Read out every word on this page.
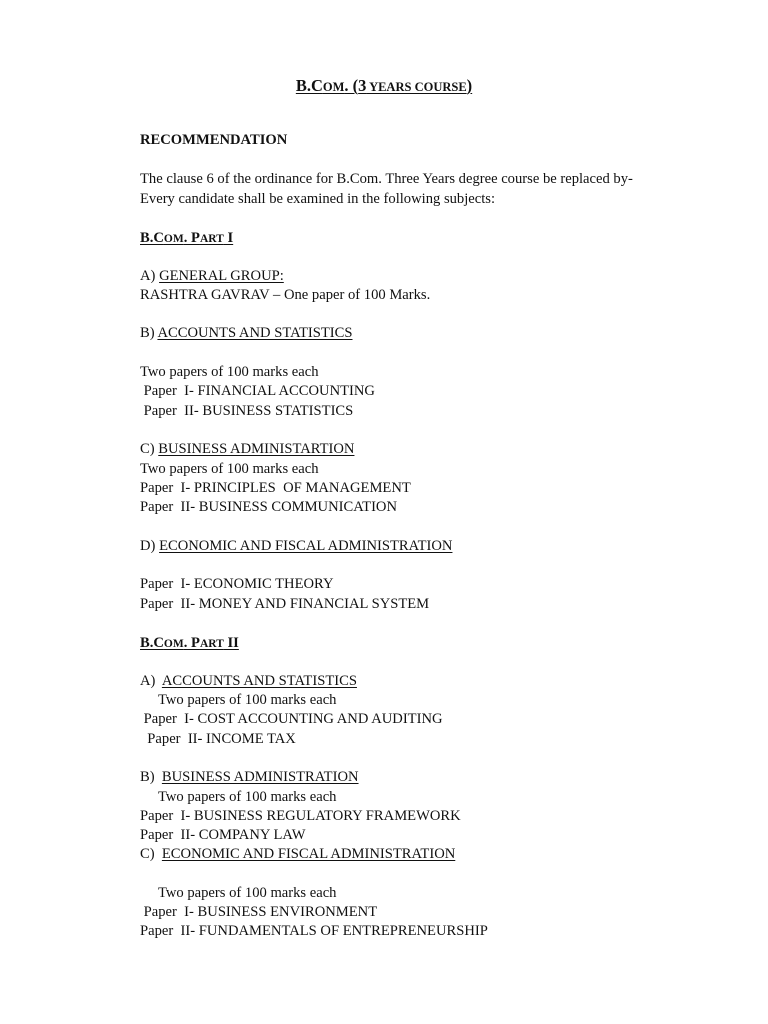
B.COM. (3 YEARS COURSE)
RECOMMENDATION
The clause 6 of the ordinance for B.Com. Three Years degree course be replaced by-
Every candidate shall be examined in the following subjects:
B.COM. PART I
A) GENERAL GROUP:
RASHTRA GAVRAV – One paper of 100 Marks.
B) ACCOUNTS AND STATISTICS
Two papers of 100 marks each
Paper  I- FINANCIAL ACCOUNTING
Paper  II- BUSINESS STATISTICS
C) BUSINESS ADMINISTARTION
Two papers of 100 marks each
Paper  I- PRINCIPLES  OF MANAGEMENT
Paper  II- BUSINESS COMMUNICATION
D) ECONOMIC AND FISCAL ADMINISTRATION
Paper  I- ECONOMIC THEORY
Paper  II- MONEY AND FINANCIAL SYSTEM
B.COM. PART II
A)  ACCOUNTS AND STATISTICS
Two papers of 100 marks each
Paper  I- COST ACCOUNTING AND AUDITING
Paper  II- INCOME TAX
B)  BUSINESS ADMINISTRATION
Two papers of 100 marks each
Paper  I- BUSINESS REGULATORY FRAMEWORK
Paper  II- COMPANY LAW
C)  ECONOMIC AND FISCAL ADMINISTRATION
Two papers of 100 marks each
Paper  I- BUSINESS ENVIRONMENT
Paper  II- FUNDAMENTALS OF ENTREPRENEURSHIP
